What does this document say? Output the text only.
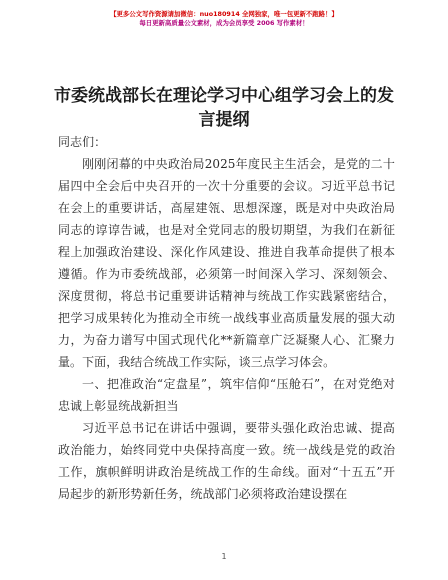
【更多公文写作资源请加微信：nuo180914 全网独家，唯一包更新不跑路！】
每日更新高质量公文素材，成为会员享受 2006 写作素材！
市委统战部长在理论学习中心组学习会上的发
言提纲

同志们：

刚刚闭幕的中央政治局2025年度民主生活会，是党的二十届四中全会后中央召开的一次十分重要的会议。习近平总书记在会上的重要讲话，高屋建瓴、思想深邃，既是对中央政治局同志的谆谆告诫，也是对全党同志的殷切期望，为我们在新征程上加强政治建设、深化作风建设、推进自我革命提供了根本遵循。作为市委统战部，必须第一时间深入学习、深刻领会、深度贯彻，将总书记重要讲话精神与统战工作实践紧密结合，把学习成果转化为推动全市统一战线事业高质量发展的强大动力，为奋力谱写中国式现代化**新篇章广泛凝聚人心、汇聚力量。下面，我结合统战工作实际，谈三点学习体会。

一、把准政治“定盘星”，筑牢信仰“压舱石”，在对党绝对忠诚上彰显统战新担当

习近平总书记在讲话中强调，要带头强化政治忠诚、提高政治能力，始终同党中央保持高度一致。统一战线是党的政治工作，旗帜鲜明讲政治是统战工作的生命线。面对“十五五”开局起步的新形势新任务，统战部门必须将政治建设摆在

1
